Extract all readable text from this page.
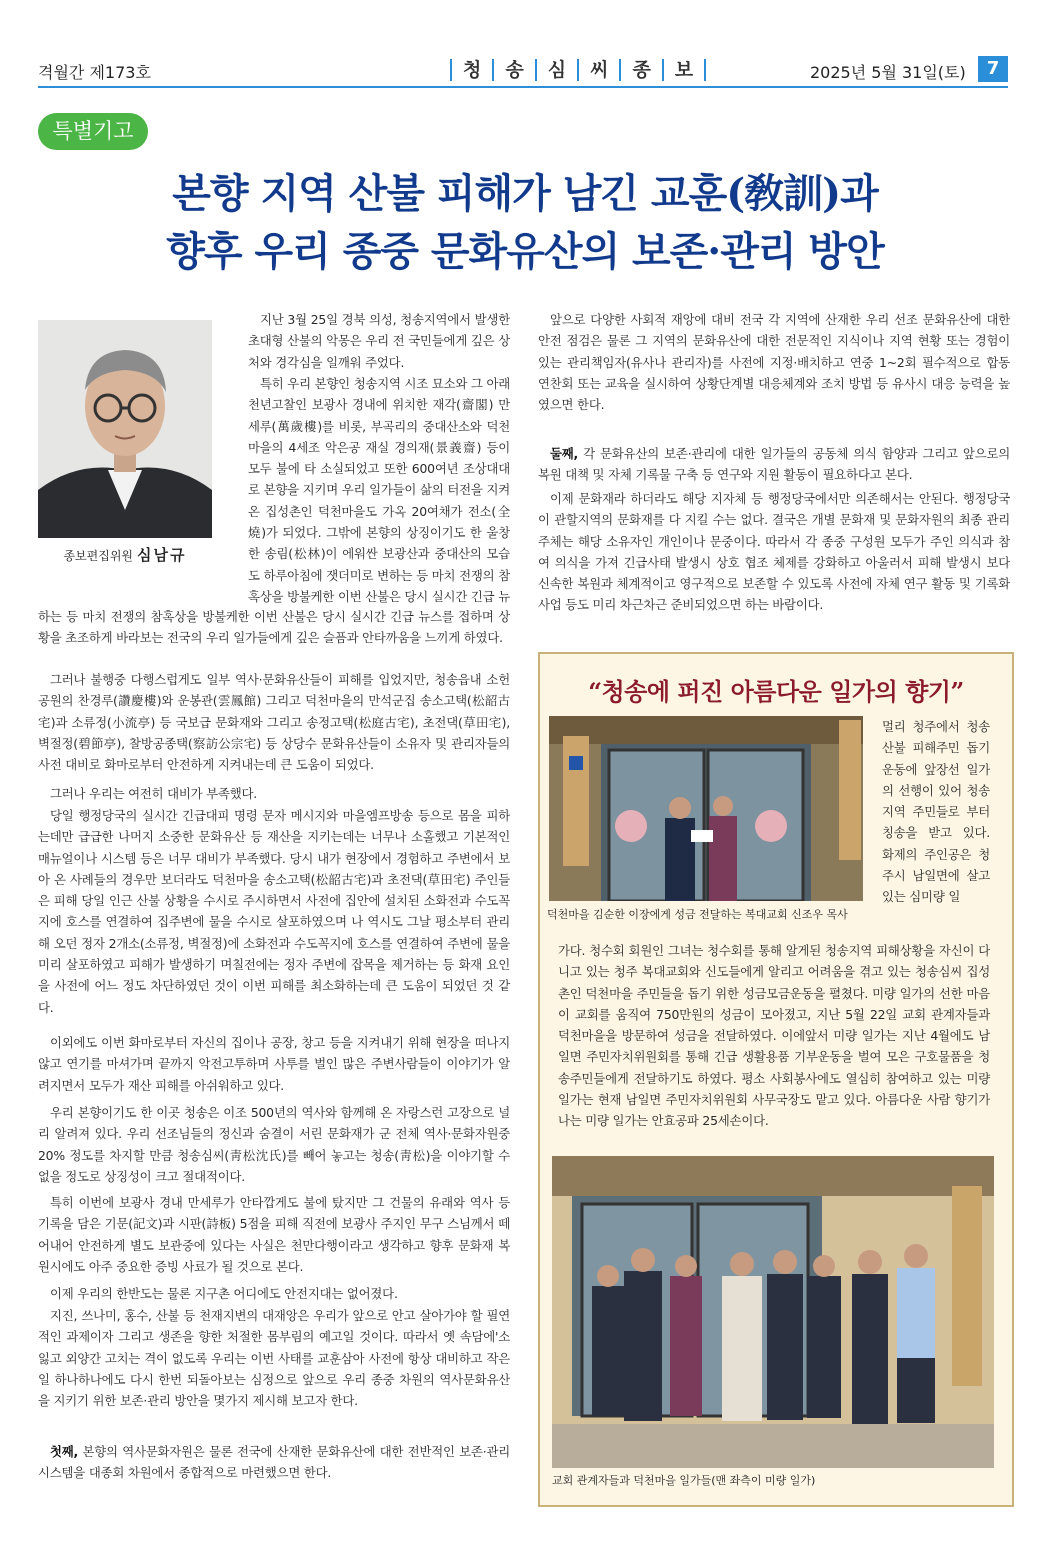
격월간 제173호	청	송	심	씨	종	보	2025년 5월 31일(토)	7
특별기고
본향 지역 산불 피해가 남긴 교훈(敎訓)과
향후 우리 종중 문화유산의 보존·관리 방안
종보편집위원 심남규
지난 3월 25일 경북 의성, 청송지역에서 발생한 초대형 산불의 악몽은 우리 전 국민들에게 깊은 상처와 경각심을 일깨워 주었다.
특히 우리 본향인 청송지역 시조 묘소와 그 아래 천년고찰인 보광사 경내에 위치한 재각(齋閣) 만세루(萬歲樓)를 비롯, 부곡리의 중대산소와 덕천마을의 4세조 악은공 재실 경의재(景義齋) 등이 모두 불에 타 소실되었고 또한 600여년 조상대대로 본향을 지키며 우리 일가들이 삶의 터전을 지켜온 집성촌인 덕천마을도 가옥 20여채가 전소(全燒)가 되었다. 그밖에 본향의 상징이기도 한 울창한 송림(松林)이 에워싼 보광산과 중대산의 모습도 하루아침에 잿더미로 변하는 등 마치 전쟁의 참혹상을 방불케한 이번 산불은 당시 실시간 긴급 뉴
하는 등 마치 전쟁의 참혹상을 방불케한 이번 산불은 당시 실시간 긴급 뉴스를 접하며 상황을 초조하게 바라보는 전국의 우리 일가들에게 깊은 슬픔과 안타까움을 느끼게 하였다.
그러나 불행중 다행스럽게도 일부 역사·문화유산들이 피해를 입었지만, 청송읍내 소헌공원의 찬경루(讚慶樓)와 운봉관(雲鳳館) 그리고 덕천마을의 만석군집 송소고택(松韶古宅)과 소류정(小流亭) 등 국보급 문화재와 그리고 송정고택(松庭古宅), 초전댁(草田宅), 벽절정(碧節亭), 찰방공종택(察訪公宗宅) 등 상당수 문화유산들이 소유자 및 관리자들의 사전 대비로 화마로부터 안전하게 지켜내는데 큰 도움이 되었다.
그러나 우리는 여전히 대비가 부족했다.
당일 행정당국의 실시간 긴급대피 명령 문자 메시지와 마을엠프방송 등으로 몸을 피하는데만 급급한 나머지 소중한 문화유산 등 재산을 지키는데는 너무나 소홀했고 기본적인 매뉴얼이나 시스템 등은 너무 대비가 부족했다. 당시 내가 현장에서 경험하고 주변에서 보아 온 사례들의 경우만 보더라도 덕천마을 송소고택(松韶古宅)과 초전댁(草田宅) 주인들은 피해 당일 인근 산불 상황을 수시로 주시하면서 사전에 집안에 설치된 소화전과 수도꼭지에 호스를 연결하여 집주변에 물을 수시로 살포하였으며 나 역시도 그날 평소부터 관리해 오던 정자 2개소(소류정, 벽절정)에 소화전과 수도꼭지에 호스를 연결하여 주변에 물을 미리 살포하였고 피해가 발생하기 며칠전에는 정자 주변에 잡목을 제거하는 등 화재 요인을 사전에 어느 정도 차단하였던 것이 이번 피해를 최소화하는데 큰 도움이 되었던 것 같다.
이외에도 이번 화마로부터 자신의 집이나 공장, 창고 등을 지켜내기 위해 현장을 떠나지 않고 연기를 마셔가며 끝까지 악전고투하며 사투를 벌인 많은 주변사람들이 이야기가 알려지면서 모두가 재산 피해를 아쉬워하고 있다.
우리 본향이기도 한 이곳 청송은 이조 500년의 역사와 함께해 온 자랑스런 고장으로 널리 알려져 있다. 우리 선조님들의 정신과 숨결이 서린 문화재가 군 전체 역사·문화자원중 20% 정도를 차지할 만큼 청송심씨(靑松沈氏)를 빼어 놓고는 청송(靑松)을 이야기할 수 없을 정도로 상징성이 크고 절대적이다.
특히 이번에 보광사 경내 만세루가 안타깝게도 불에 탔지만 그 건물의 유래와 역사 등 기록을 담은 기문(記文)과 시판(詩板) 5점을 피해 직전에 보광사 주지인 무구 스님께서 떼어내어 안전하게 별도 보관중에 있다는 사실은 천만다행이라고 생각하고 향후 문화재 복원시에도 아주 중요한 증빙 사료가 될 것으로 본다.
이제 우리의 한반도는 물론 지구촌 어디에도 안전지대는 없어졌다.
지진, 쓰나미, 홍수, 산불 등 천재지변의 대재앙은 우리가 앞으로 안고 살아가야 할 필연적인 과제이자 그리고 생존을 향한 처절한 몸부림의 예고일 것이다. 따라서 옛 속담에'소 잃고 외양간 고치는 격이 없도록 우리는 이번 사태를 교훈삼아 사전에 항상 대비하고 작은일 하나하나에도 다시 한번 되돌아보는 심정으로 앞으로 우리 종중 차원의 역사문화유산을 지키기 위한 보존·관리 방안을 몇가지 제시해 보고자 한다.
첫째, 본향의 역사문화자원은 물론 전국에 산재한 문화유산에 대한 전반적인 보존·관리 시스템을 대종회 차원에서 종합적으로 마련했으면 한다.
앞으로 다양한 사회적 재앙에 대비 전국 각 지역에 산재한 우리 선조 문화유산에 대한 안전 점검은 물론 그 지역의 문화유산에 대한 전문적인 지식이나 지역 현황 또는 경험이 있는 관리책임자(유사나 관리자)를 사전에 지정·배치하고 연중 1~2회 필수적으로 합동 연찬회 또는 교육을 실시하여 상황단계별 대응체계와 조치 방법 등 유사시 대응 능력을 높였으면 한다.
둘째, 각 문화유산의 보존·관리에 대한 일가들의 공동체 의식 함양과 그리고 앞으로의 복원 대책 및 자체 기록물 구축 등 연구와 지원 활동이 필요하다고 본다.
이제 문화재라 하더라도 해당 지자체 등 행정당국에서만 의존해서는 안된다. 행정당국이 관할지역의 문화재를 다 지킬 수는 없다. 결국은 개별 문화재 및 문화자원의 최종 관리 주체는 해당 소유자인 개인이나 문중이다. 따라서 각 종중 구성원 모두가 주인 의식과 참여 의식을 가져 긴급사태 발생시 상호 협조 체제를 강화하고 아울러서 피해 발생시 보다 신속한 복원과 체계적이고 영구적으로 보존할 수 있도록 사전에 자체 연구 활동 및 기록화 사업 등도 미리 차근차근 준비되었으면 하는 바람이다.
“청송에 퍼진 아름다운 일가의 향기”
멀리 청주에서 청송산불 피해주민 돕기운동에 앞장선 일가의 선행이 있어 청송지역 주민들로 부터 칭송을 받고 있다. 화제의 주인공은 청주시 남일면에 살고 있는 심미량 일
덕천마을 김순한 이장에게 성금 전달하는 복대교회 신조우 목사
가다. 청수회 회원인 그녀는 청수회를 통해 알게된 청송지역 피해상황을 자신이 다니고 있는 청주 복대교회와 신도들에게 알리고 어려움을 겪고 있는 청송심씨 집성촌인 덕천마을 주민들을 돕기 위한 성금모금운동을 펼쳤다. 미량 일가의 선한 마음이 교회를 움직여 750만원의 성금이 모아졌고, 지난 5월 22일 교회 관계자들과 덕천마을을 방문하여 성금을 전달하였다. 이에앞서 미량 일가는 지난 4월에도 남일면 주민자치위원회를 통해 긴급 생활용품 기부운동을 벌여 모은 구호물품을 청송주민들에게 전달하기도 하였다. 평소 사회봉사에도 열심히 참여하고 있는 미량 일가는 현재 남일면 주민자치위원회 사무국장도 맡고 있다. 아름다운 사람 향기가 나는 미량 일가는 안효공파 25세손이다.
교회 관계자들과 덕천마을 일가들(맨 좌측이 미량 일가)
